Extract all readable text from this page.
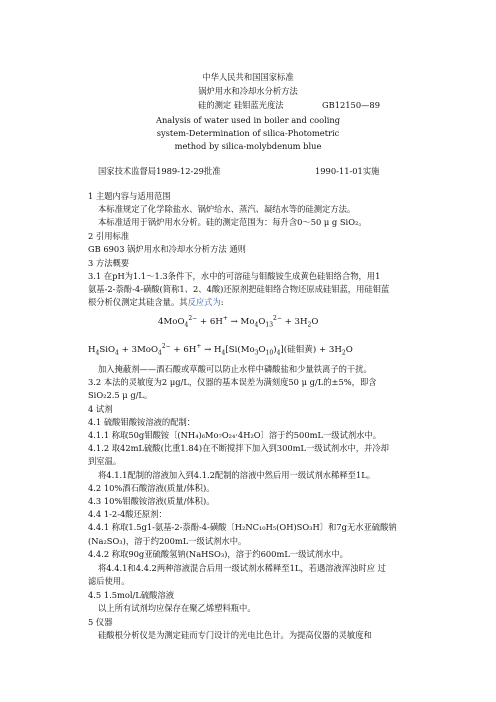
中华人民共和国国家标准
锅炉用水和冷却水分析方法
硅的测定 硅钼蓝光度法	GB12150—89
Analysis of water used in boiler and cooling
system-Determination of silica-Photometric
method by silica-molybdenum blue
国家技术监督局1989-12-29批准	1990-11-01实施
1 主题内容与适用范围
本标准规定了化学除盐水、锅炉给水、蒸汽、凝结水等的硅测定方法。
本标准适用于锅炉用水分析。硅的测定范围为：每升含0～50 μ g SiO₂。
2 引用标准
GB 6903 锅炉用水和冷却水分析方法 通则
3 方法概要
3.1 在pH为1.1～1.3条件下，水中的可溶硅与钼酸铵生成黄色硅钼络合物，用1
氨基-2-萘酚-4-磺酸(简称1、2、4酸)还原剂把硅钼络合物还原成硅钼蓝，用硅钼蓝
根分析仪测定其硅含量。其反应式为:
$4MoO_4^{2-} + 6H^+ \to Mo_4O_{13}^{2-} + 3H_2O$
$H_4SiO_4 + 3MoO_4^{2-} + 6H^+ \to H_4[Si(Mo_3O_{10})_4]$(硅钼黄) + $3H_2O$
加入掩蔽剂——酒石酸或草酸可以防止水样中磷酸盐和少量铁离子的干扰。
3.2 本法的灵敏度为2 μg/L，仪器的基本误差为满刻度50 μ g/L的±5%，即含
SiO₂2.5 μ g/L。
4 试剂
4.1 硫酸钼酸铵溶液的配制：
4.1.1 称取50g钼酸铵〔(NH₄)₆Mo₇O₂₄·4H₂O〕溶于约500mL一级试剂水中。
4.1.2 取42mL硫酸(比重1.84)在不断搅拌下加入到300mL一级试剂水中，并冷却
到室温。
将4.1.1配制的溶液加入到4.1.2配制的溶液中然后用一级试剂水稀释至1L。
4.2 10%酒石酸溶液(质量/体积)。
4.3 10%钼酸铵溶液(质量/体积)。
4.4 1-2-4酸还原剂：
4.4.1 称取1.5g1-氨基-2-萘酚-4-磺酸〔H₂NC₁₀H₅(OH)SO₃H〕和7g无水亚硫酸钠
(Na₂SO₃)，溶于约200mL一级试剂水中。
4.4.2 称取90g亚硫酸氢钠(NaHSO₃)，溶于约600mL一级试剂水中。
将4.4.1和4.4.2两种溶液混合后用一级试剂水稀释至1L，若遇溶液浑浊时应 过
滤后使用。
4.5 1.5mol/L硫酸溶液
以上所有试剂均应保存在聚乙烯塑料瓶中。
5 仪器
硅酸根分析仪是为测定硅而专门设计的光电比色计。为提高仪器的灵敏度和
